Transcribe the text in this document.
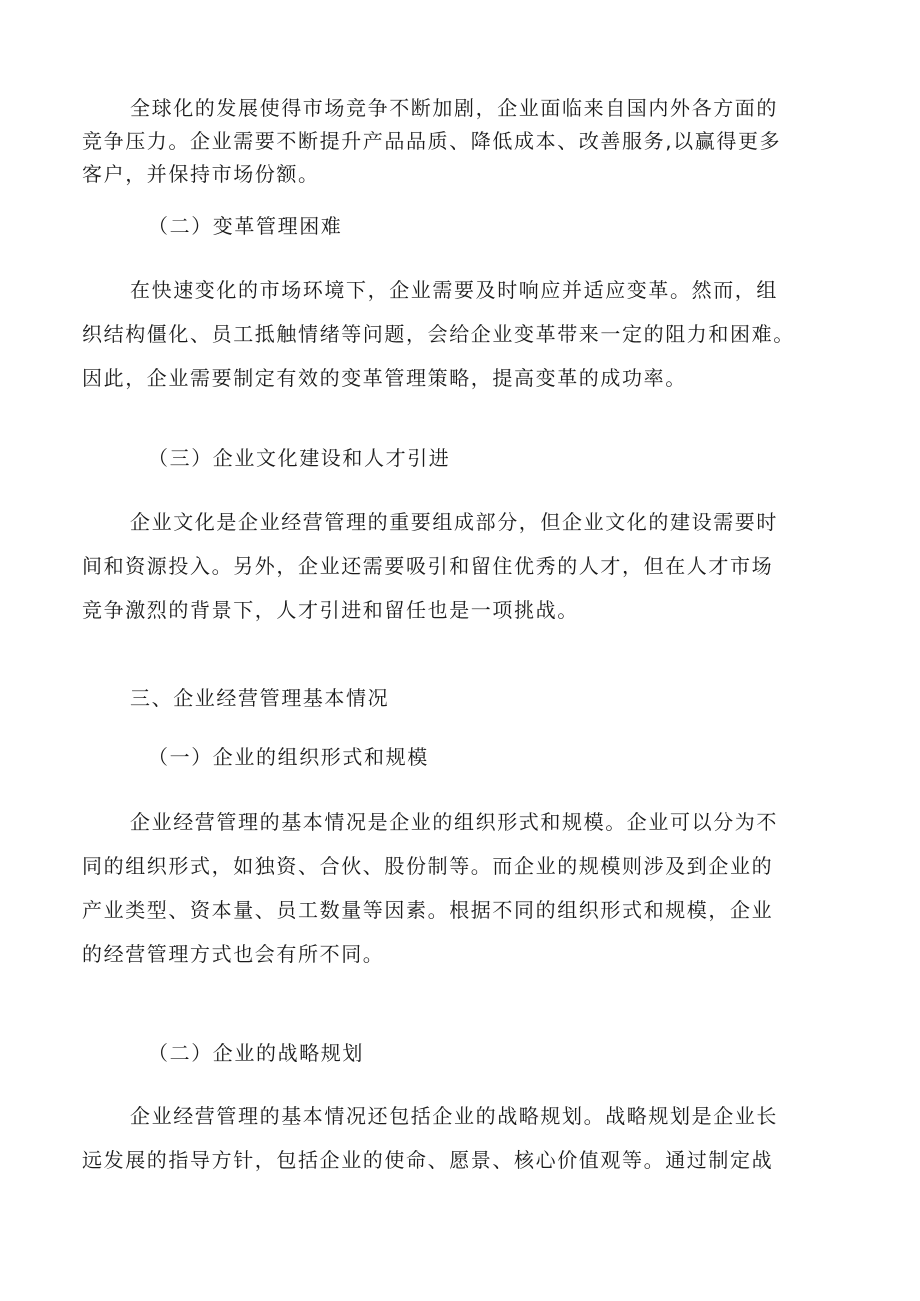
全球化的发展使得市场竞争不断加剧，企业面临来自国内外各方面的
竞争压力。企业需要不断提升产品品质、降低成本、改善服务,以赢得更多
客户，并保持市场份额。
（二）变革管理困难
在快速变化的市场环境下，企业需要及时响应并适应变革。然而，组
织结构僵化、员工抵触情绪等问题，会给企业变革带来一定的阻力和困难。
因此，企业需要制定有效的变革管理策略，提高变革的成功率。
（三）企业文化建设和人才引进
企业文化是企业经营管理的重要组成部分，但企业文化的建设需要时
间和资源投入。另外，企业还需要吸引和留住优秀的人才，但在人才市场
竞争激烈的背景下，人才引进和留任也是一项挑战。
三、企业经营管理基本情况
（一）企业的组织形式和规模
企业经营管理的基本情况是企业的组织形式和规模。企业可以分为不
同的组织形式，如独资、合伙、股份制等。而企业的规模则涉及到企业的
产业类型、资本量、员工数量等因素。根据不同的组织形式和规模，企业
的经营管理方式也会有所不同。
（二）企业的战略规划
企业经营管理的基本情况还包括企业的战略规划。战略规划是企业长
远发展的指导方针，包括企业的使命、愿景、核心价值观等。通过制定战
